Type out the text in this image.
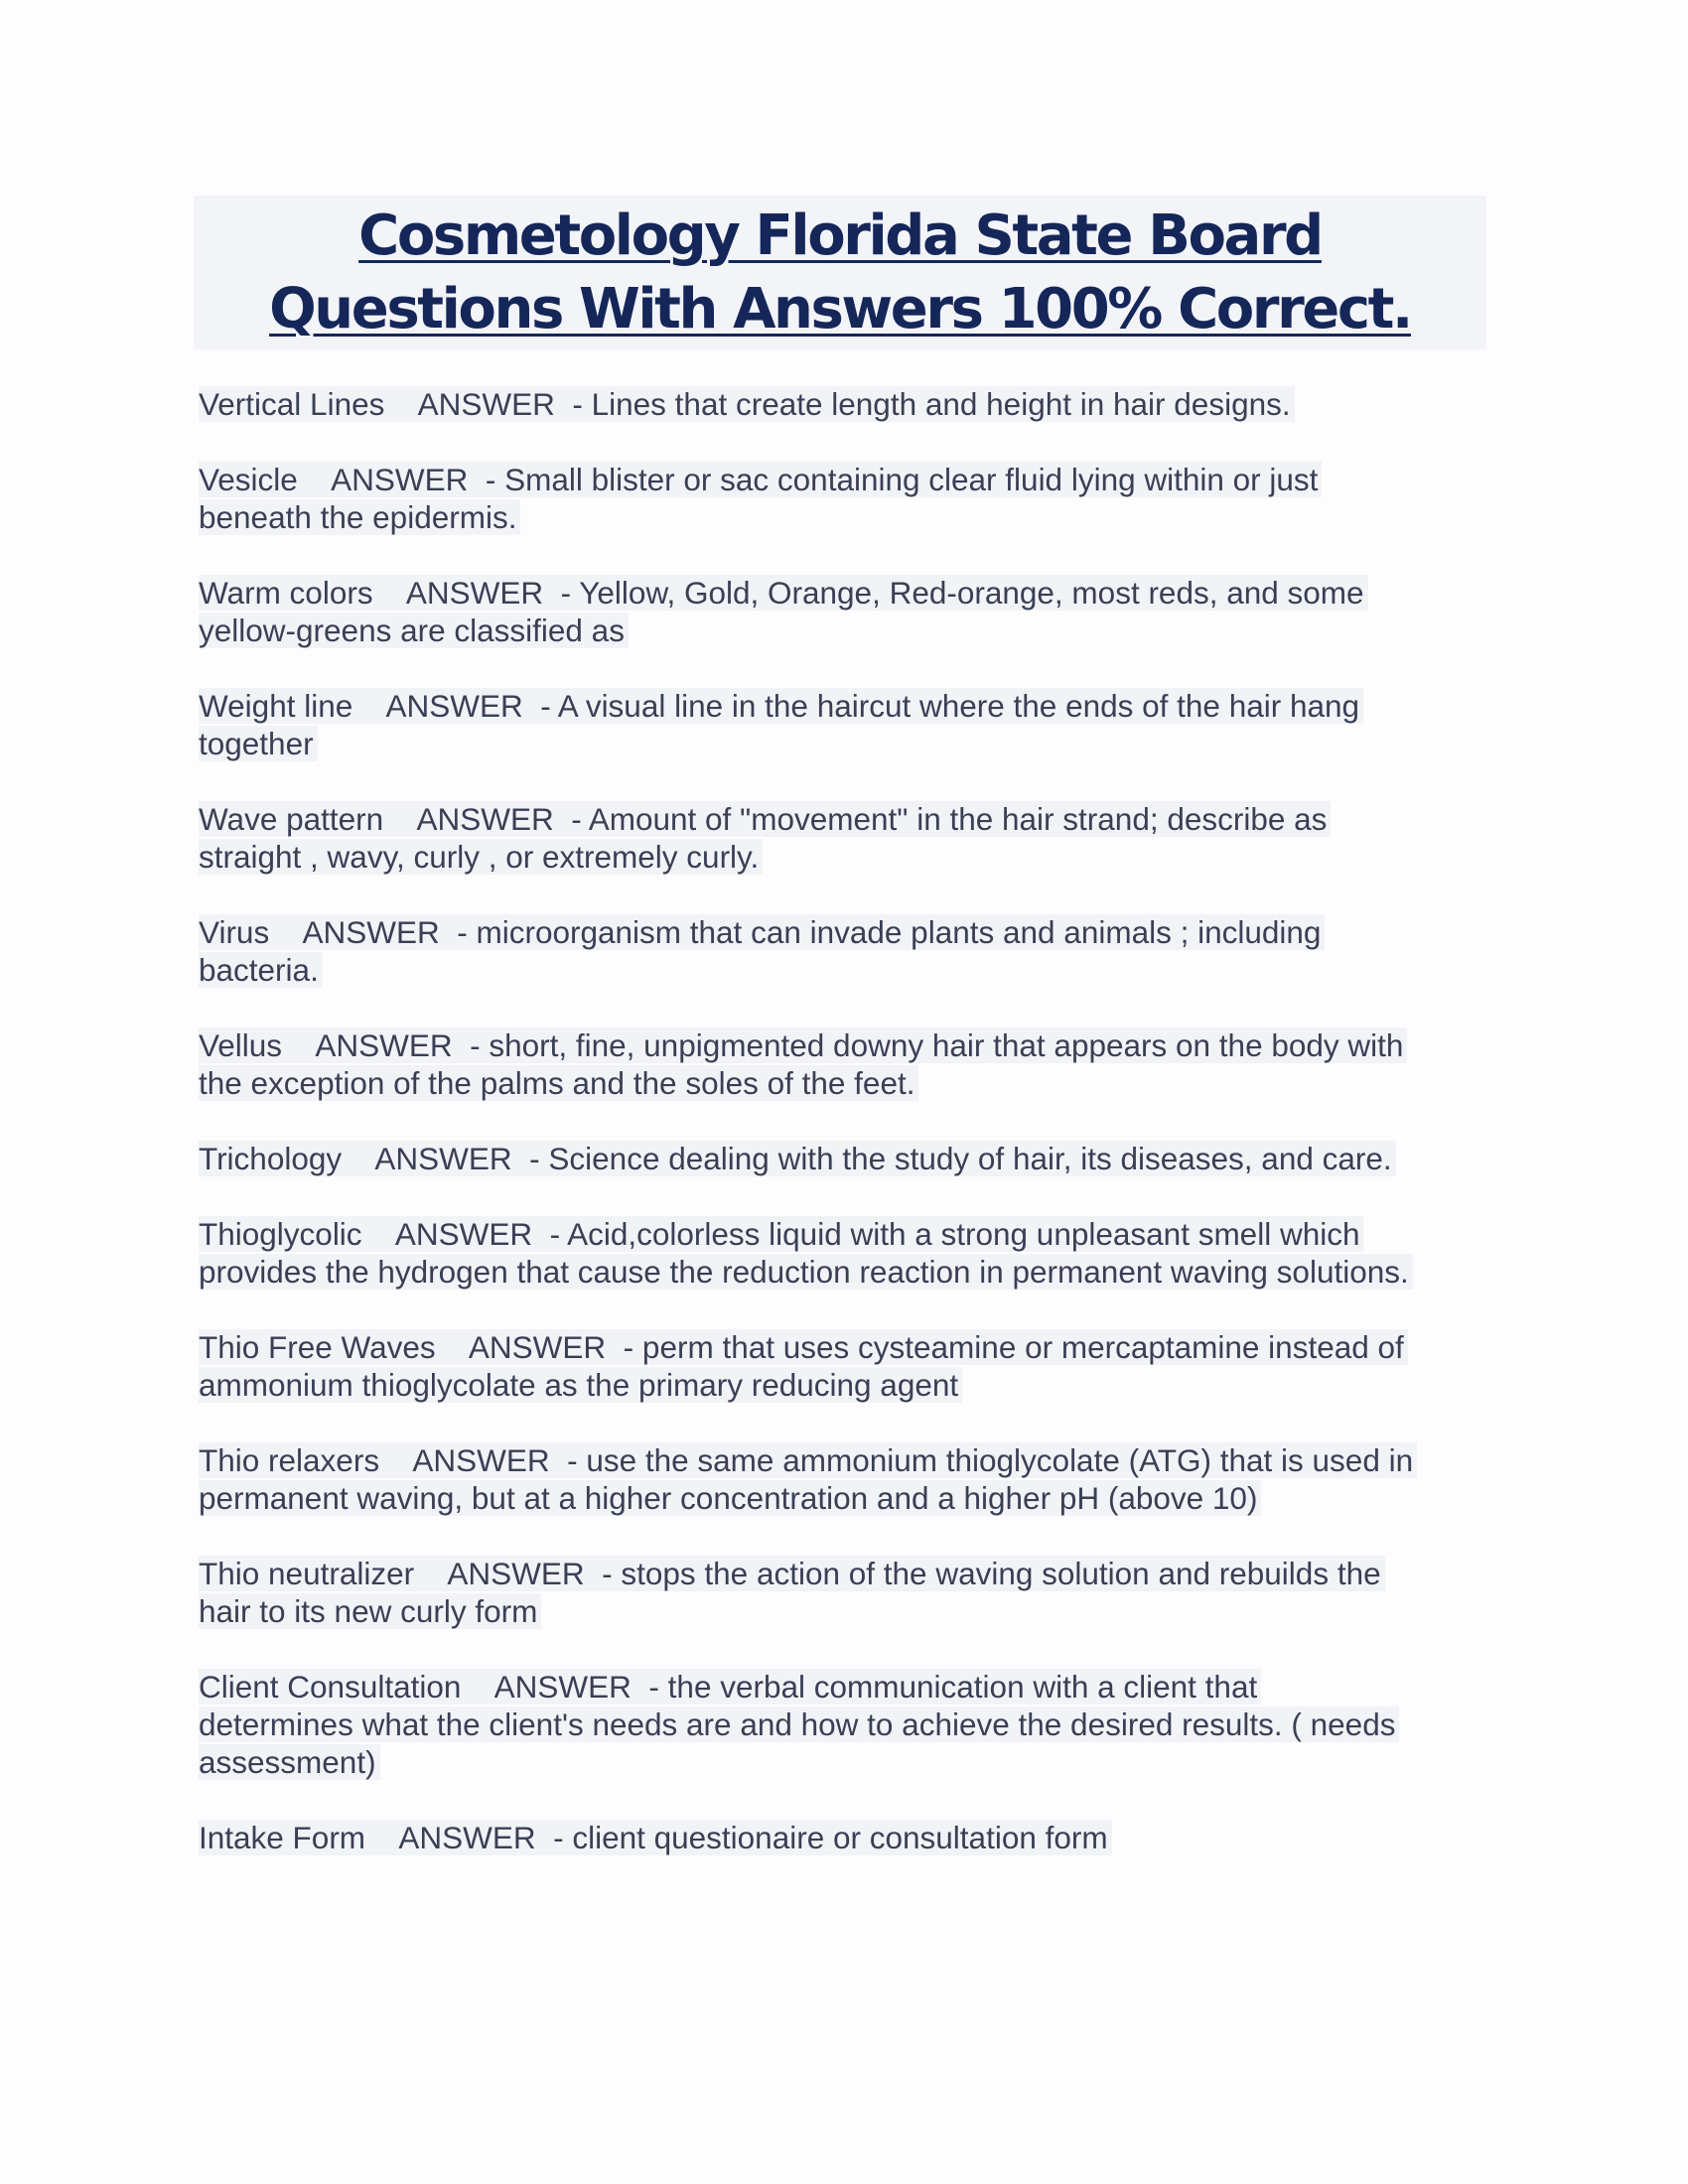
Cosmetology Florida State Board
Questions With Answers 100% Correct.
Vertical Lines    ANSWER  - Lines that create length and height in hair designs.
Vesicle    ANSWER  - Small blister or sac containing clear fluid lying within or just
beneath the epidermis.
Warm colors    ANSWER  - Yellow, Gold, Orange, Red-orange, most reds, and some
yellow-greens are classified as
Weight line    ANSWER  - A visual line in the haircut where the ends of the hair hang
together
Wave pattern    ANSWER  - Amount of "movement" in the hair strand; describe as
straight , wavy, curly , or extremely curly.
Virus    ANSWER  - microorganism that can invade plants and animals ; including
bacteria.
Vellus    ANSWER  - short, fine, unpigmented downy hair that appears on the body with
the exception of the palms and the soles of the feet.
Trichology    ANSWER  - Science dealing with the study of hair, its diseases, and care.
Thioglycolic    ANSWER  - Acid,colorless liquid with a strong unpleasant smell which
provides the hydrogen that cause the reduction reaction in permanent waving solutions.
Thio Free Waves    ANSWER  - perm that uses cysteamine or mercaptamine instead of
ammonium thioglycolate as the primary reducing agent
Thio relaxers    ANSWER  - use the same ammonium thioglycolate (ATG) that is used in
permanent waving, but at a higher concentration and a higher pH (above 10)
Thio neutralizer    ANSWER  - stops the action of the waving solution and rebuilds the
hair to its new curly form
Client Consultation    ANSWER  - the verbal communication with a client that
determines what the client's needs are and how to achieve the desired results. ( needs
assessment)
Intake Form    ANSWER  - client questionaire or consultation form
